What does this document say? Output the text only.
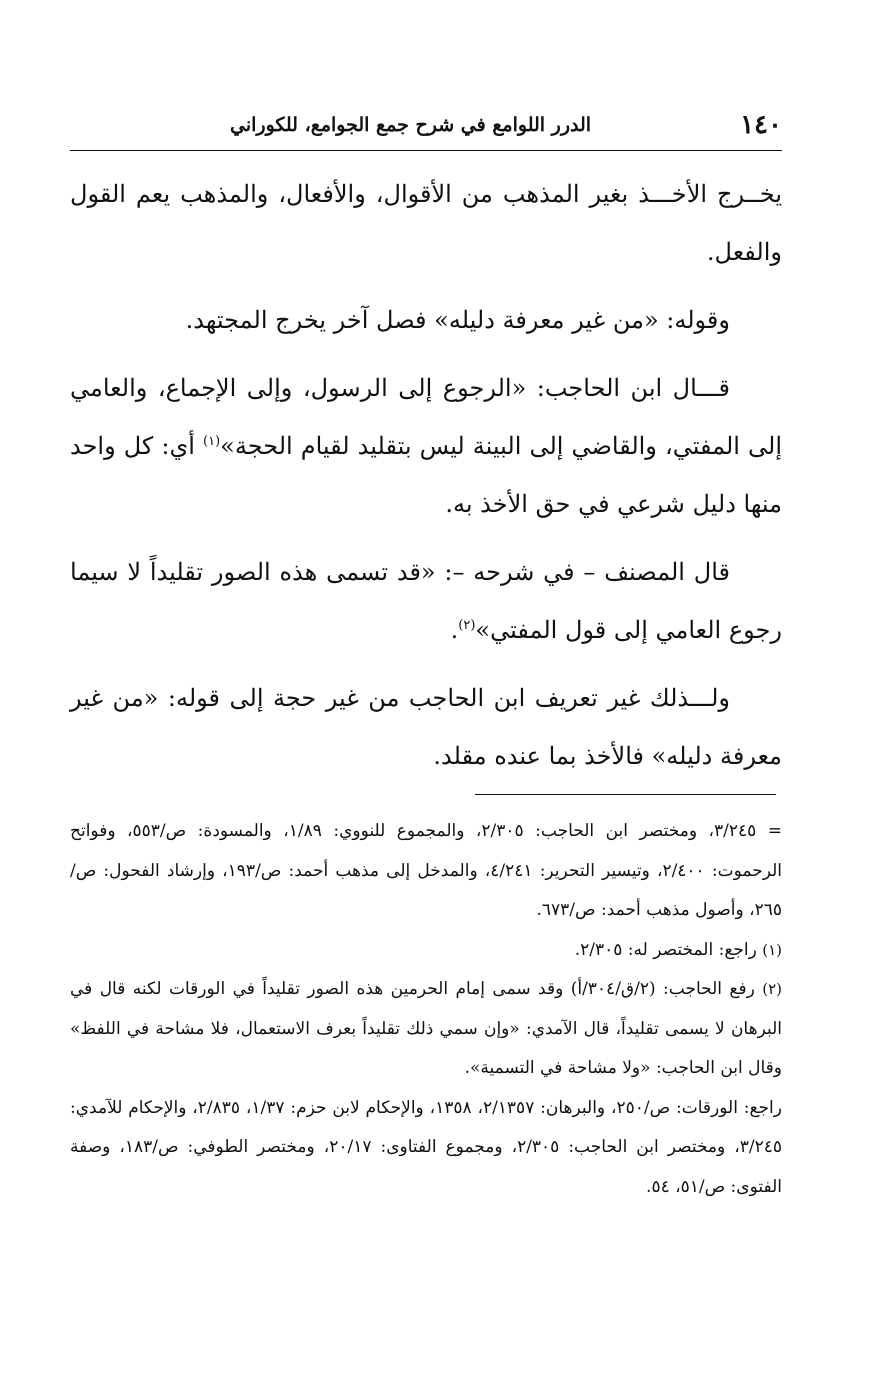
١٤٠
الدرر اللوامع في شرح جمع الجوامع، للكوراني

يخــرج الأخـــذ بغير المذهب من الأقوال، والأفعال، والمذهب يعم القول والفعل.

وقوله: «من غير معرفة دليله» فصل آخر يخرج المجتهد.

قـــال ابن الحاجب: «الرجوع إلى الرسول، وإلى الإجماع، والعامي إلى المفتي، والقاضي إلى البينة ليس بتقليد لقيام الحجة»$^{(١)}$ أي: كل واحد منها دليل شرعي في حق الأخذ به.

قال المصنف – في شرحه –: «قد تسمى هذه الصور تقليداً لا سيما رجوع العامي إلى قول المفتي»$^{(٢)}$.

ولـــذلك غير تعريف ابن الحاجب من غير حجة إلى قوله: «من غير معرفة دليله» فالأخذ بما عنده مقلد.

= ٣/٢٤٥، ومختصر ابن الحاجب: ٢/٣٠٥، والمجموع للنووي: ١/٨٩، والمسودة: ص/٥٥٣، وفواتح الرحموت: ٢/٤٠٠، وتيسير التحرير: ٤/٢٤١، والمدخل إلى مذهب أحمد: ص/١٩٣، وإرشاد الفحول: ص/٢٦٥، وأصول مذهب أحمد: ص/٦٧٣.

(١) راجع: المختصر له: ٢/٣٠٥.

(٢) رفع الحاجب: (٢/ق/٣٠٤/أ) وقد سمى إمام الحرمين هذه الصور تقليداً في الورقات لكنه قال في البرهان لا يسمى تقليداً، قال الآمدي: «وإن سمي ذلك تقليداً بعرف الاستعمال، فلا مشاحة في اللفظ» وقال ابن الحاجب: «ولا مشاحة في التسمية».

راجع: الورقات: ص/٢٥٠، والبرهان: ٢/١٣٥٧، ١٣٥٨، والإحكام لابن حزم: ١/٣٧، ٢/٨٣٥، والإحكام للآمدي: ٣/٢٤٥، ومختصر ابن الحاجب: ٢/٣٠٥، ومجموع الفتاوى: ٢٠/١٧، ومختصر الطوفي: ص/١٨٣، وصفة الفتوى: ص/٥١، ٥٤.
